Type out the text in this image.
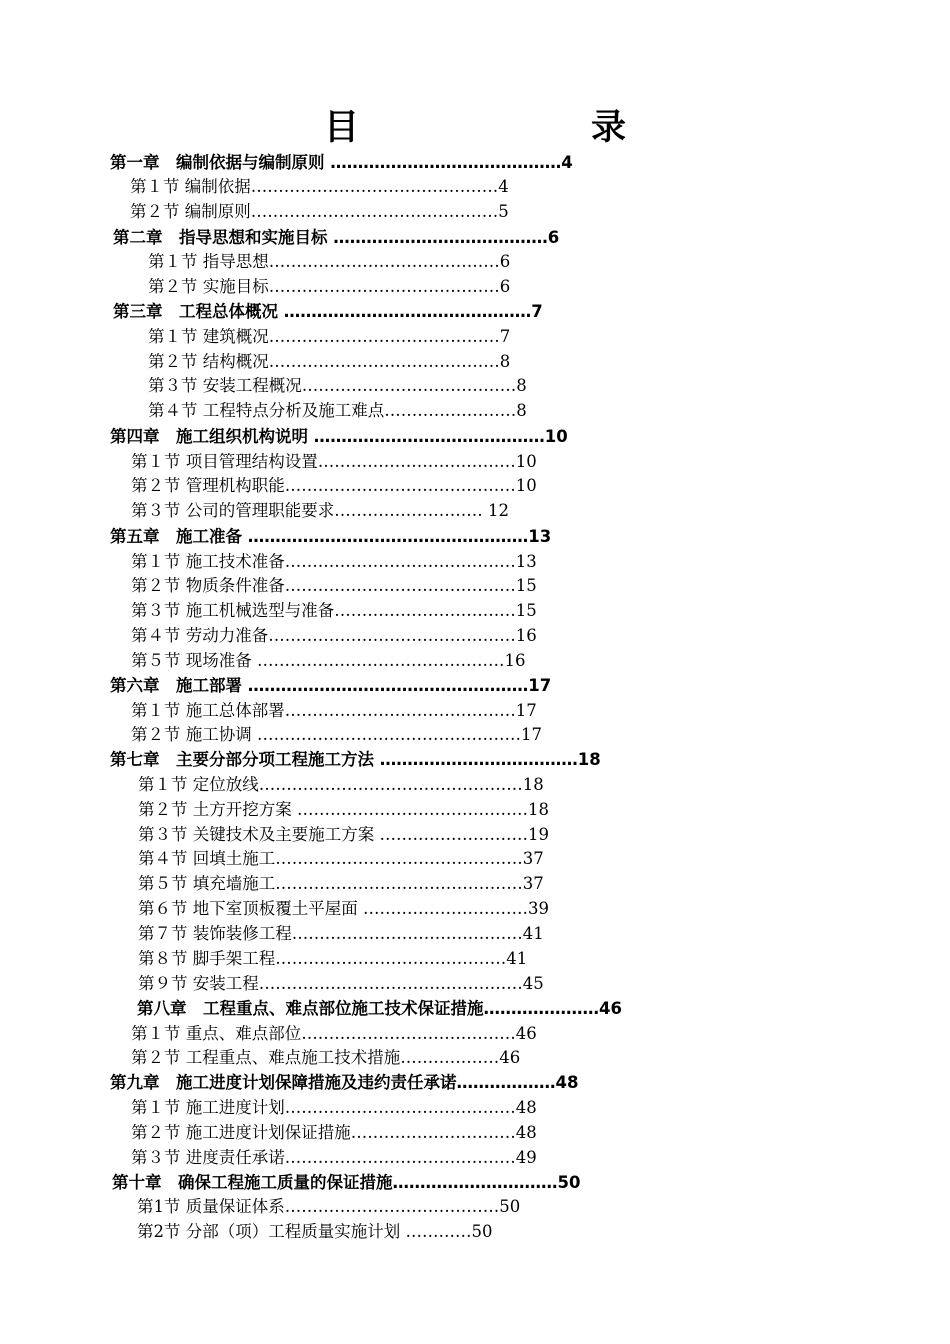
目　　录
第一章　编制依据与编制原则 ……………………………………4
第１节 编制依据………………………………………4
第２节 编制原则………………………………………5
第二章　指导思想和实施目标 …………………………………6
第１节 指导思想……………………………………6
第２节 实施目标……………………………………6
第三章　工程总体概况 ………………………………………7
第１节 建筑概况……………………………………7
第２节 结构概况……………………………………8
第３节 安装工程概况…………………………………8
第４节 工程特点分析及施工难点……………………8
第四章　施工组织机构说明 ……………………………………10
第１节 项目管理结构设置………………………………10
第２节 管理机构职能……………………………………10
第３节 公司的管理职能要求……………………… 12
第五章　施工准备 ……………………………………………13
第１节 施工技术准备……………………………………13
第２节 物质条件准备……………………………………15
第３节 施工机械选型与准备……………………………15
第４节 劳动力准备………………………………………16
第５节 现场准备 ………………………………………16
第六章　施工部署 ……………………………………………17
第１节 施工总体部署……………………………………17
第２节 施工协调 …………………………………………17
第七章　主要分部分项工程施工方法 ………………………………18
第１节 定位放线…………………………………………18
第２节 土方开挖方案 ……………………………………18
第３节 关键技术及主要施工方案 ………………………19
第４节 回填土施工………………………………………37
第５节 填充墙施工………………………………………37
第６节 地下室顶板覆土平屋面 …………………………39
第７节 装饰装修工程……………………………………41
第８节 脚手架工程……………………………………41
第９节 安装工程…………………………………………45
第八章　工程重点、难点部位施工技术保证措施…………………46
第１节 重点、难点部位…………………………………46
第２节 工程重点、难点施工技术措施………………46
第九章　施工进度计划保障措施及违约责任承诺………………48
第１节 施工进度计划……………………………………48
第２节 施工进度计划保证措施…………………………48
第３节 进度责任承诺……………………………………49
第十章　确保工程施工质量的保证措施…………………………50
第1节 质量保证体系…………………………………50
第2节 分部（项）工程质量实施计划 …………50
